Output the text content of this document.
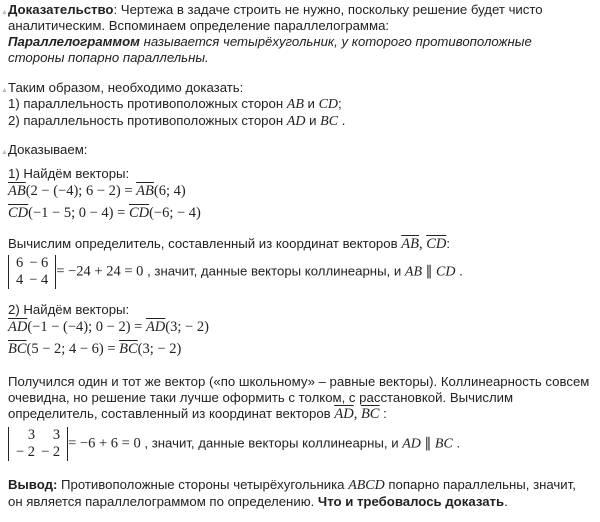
▲ Доказательство: Чертежа в задаче строить не нужно, поскольку решение будет чисто
аналитическим. Вспоминаем определение параллелограмма:
Параллелограммом называется четырёхугольник, у которого противоположные
стороны попарно параллельны.
▲ Таким образом, необходимо доказать:
1) параллельность противоположных сторон AB и CD;
2) параллельность противоположных сторон AD и BC .
▲ Доказываем:
1) Найдём векторы:
$\overline{AB}(2 - (-4)$; $6 - 2) = \overline{AB}(6$; 4)
$\overline{CD}(-1 - 5$; $0 - 4) = \overline{CD}(-6$; − 4)
Вычислим определитель, составленный из координат векторов $\overline{AB}$, $\overline{CD}$:
6	− 6
4	− 4
= −24 + 24 = 0 , значит, данные векторы коллинеарны, и AB ∥ CD .
2) Найдём векторы:
$\overline{AD}(-1 - (-4)$; $0 - 2) = \overline{AD}(3$; − 2)
$\overline{BC}(5 - 2$; $4 - 6) = \overline{BC}(3$; − 2)
Получился один и тот же вектор («по школьному» – равные векторы). Коллинеарность совсем
очевидна, но решение таки лучше оформить с толком, с расстановкой. Вычислим
определитель, составленный из координат векторов $\overline{AD}$, $\overline{BC}$ :
3	3
− 2	− 2
= −6 + 6 = 0 , значит, данные векторы коллинеарны, и AD ∥ BC .
Вывод: Противоположные стороны четырёхугольника ABCD попарно параллельны, значит,
он является параллелограммом по определению. Что и требовалось доказать.
